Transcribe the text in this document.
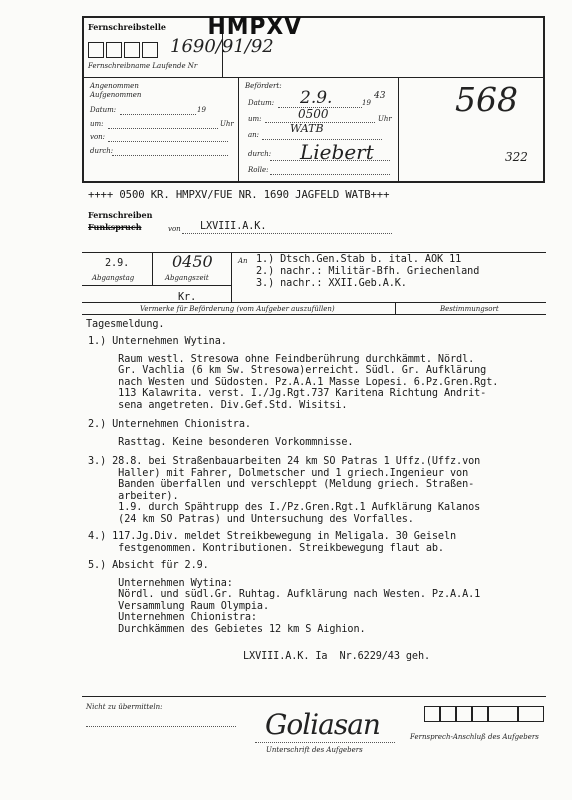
Fernschreibstelle HMPXV
Fernschreibname Laufende Nr
1690/91/92
Angenommen
Aufgenommen
Datum:	19
um:	Uhr
von:
durch:
Befördert:
Datum: 2.9.	19
43
um:	0500	Uhr
an:	WATB
durch: Liebert
Rolle:
568
322
++++ 0500 KR. HMPXV/FUE NR. 1690 JAGFELD WATB+++
Fernschreiben
Funkspruch	von LXVIII.A.K.
2.9.	0450
Abgangstag	Abgangszeit
An 1.) Dtsch.Gen.Stab b. ital. AOK 11
2.) nachr.: Militär-Bfh. Griechenland
3.) nachr.: XXII.Geb.A.K.
Kr.
Vermerke für Beförderung (vom Aufgeber auszufüllen)	Bestimmungsort
Tagesmeldung.
1.) Unternehmen Wytina.
Raum westl. Stresowa ohne Feindberührung durchkämmt. Nördl.
Gr. Vachlia (6 km Sw. Stresowa)erreicht. Südl. Gr. Aufklärung
nach Westen und Südosten. Pz.A.A.1 Masse Lopesi. 6.Pz.Gren.Rgt.
113 Kalawrita. verst. I./Jg.Rgt.737 Karitena Richtung Andrit-
sena angetreten. Div.Gef.Std. Wisitsi.
2.) Unternehmen Chionistra.
Rasttag. Keine besonderen Vorkommnisse.
3.) 28.8. bei Straßenbauarbeiten 24 km SO Patras 1 Uffz.(Uffz.von
Haller) mit Fahrer, Dolmetscher und 1 griech.Ingenieur von
Banden überfallen und verschleppt (Meldung griech. Straßen-
arbeiter).
1.9. durch Spähtrupp des I./Pz.Gren.Rgt.1 Aufklärung Kalanos
(24 km SO Patras) und Untersuchung des Vorfalles.
4.) 117.Jg.Div. meldet Streikbewegung in Meligala. 30 Geiseln
festgenommen. Kontributionen. Streikbewegung flaut ab.
5.) Absicht für 2.9.
Unternehmen Wytina:
Nördl. und südl.Gr. Ruhtag. Aufklärung nach Westen. Pz.A.A.1
Versammlung Raum Olympia.
Unternehmen Chionistra:
Durchkämmen des Gebietes 12 km S Aighion.
LXVIII.A.K. Ia  Nr.6229/43 geh.
Nicht zu übermitteln:
Goliasan
Unterschrift des Aufgebers
Fernsprech-Anschluß des Aufgebers
